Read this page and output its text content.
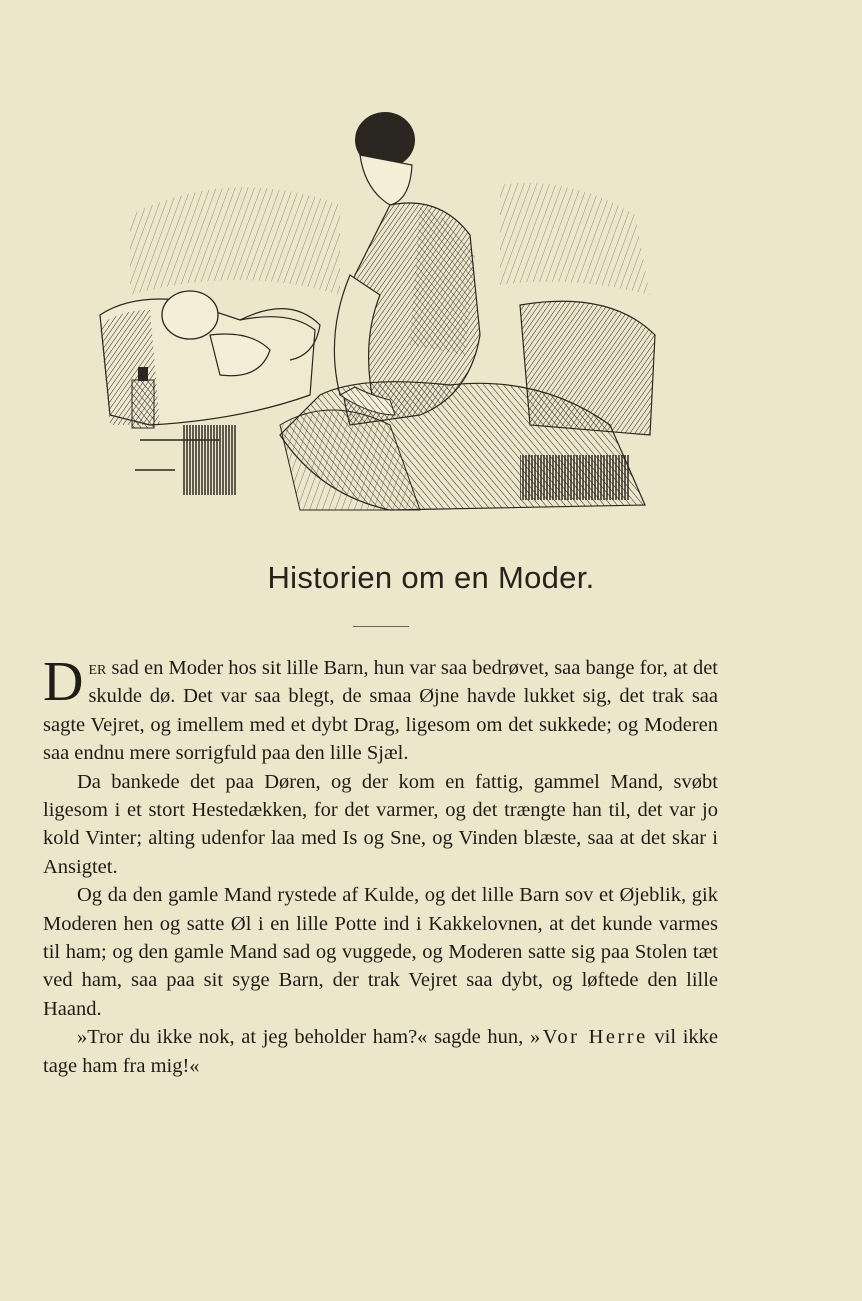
Historien om en Moder.

Der sad en Moder hos sit lille Barn, hun var saa bedrøvet, saa bange for, at det skulde dø. Det var saa blegt, de smaa Øjne havde lukket sig, det trak saa sagte Vejret, og imellem med et dybt Drag, ligesom om det sukkede; og Moderen saa endnu mere sorrigfuld paa den lille Sjæl.

Da bankede det paa Døren, og der kom en fattig, gammel Mand, svøbt ligesom i et stort Hestedækken, for det varmer, og det trængte han til, det var jo kold Vinter; alting udenfor laa med Is og Sne, og Vinden blæste, saa at det skar i Ansigtet.

Og da den gamle Mand rystede af Kulde, og det lille Barn sov et Øjeblik, gik Moderen hen og satte Øl i en lille Potte ind i Kakkelovnen, at det kunde varmes til ham; og den gamle Mand sad og vuggede, og Moderen satte sig paa Stolen tæt ved ham, saa paa sit syge Barn, der trak Vejret saa dybt, og løftede den lille Haand.

»Tror du ikke nok, at jeg beholder ham?« sagde hun, »Vor Herre vil ikke tage ham fra mig!«
